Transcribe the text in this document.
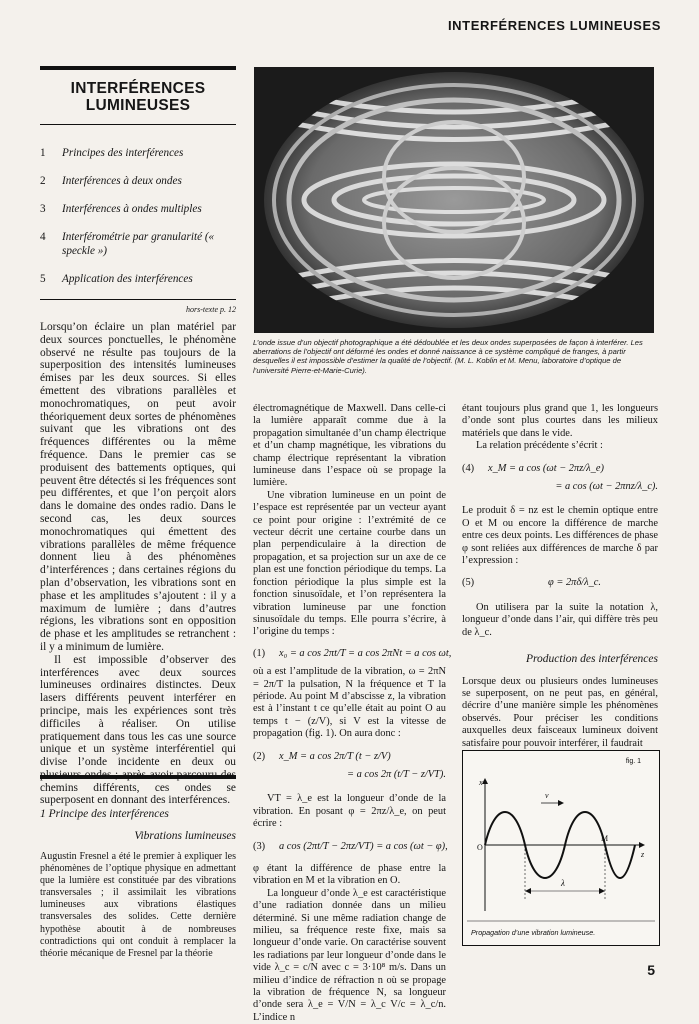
INTERFÉRENCES LUMINEUSES
INTERFÉRENCES
LUMINEUSES
1 Principes des interférences
2 Interférences à deux ondes
3 Interférences à ondes multiples
4 Interférométrie par granularité (« speckle »)
5 Application des interférences
hors-texte p. 12

Lorsqu’on éclaire un plan matériel par deux sources ponctuelles, le phénomène observé ne résulte pas toujours de la superposition des intensités lumineuses émises par les deux sources. Si elles émettent des vibrations parallèles et monochromatiques, on peut avoir théoriquement deux sortes de phénomènes suivant que les vibrations ont des fréquences différentes ou la même fréquence. Dans le premier cas se produisent des battements optiques, qui peuvent être détectés si les fréquences sont peu différentes, et que l’on perçoit alors dans le domaine des ondes radio. Dans le second cas, les deux sources monochromatiques qui émettent des vibrations parallèles de même fréquence donnent lieu à des phénomènes d’interférences ; dans certaines régions du plan d’observation, les vibrations sont en phase et les amplitudes s’ajoutent : il y a maximum de lumière ; dans d’autres régions, les vibrations sont en opposition de phase et les amplitudes se retranchent : il y a minimum de lumière.

Il est impossible d’observer des interférences avec deux sources lumineuses ordinaires distinctes. Deux lasers différents peuvent interférer en principe, mais les expériences sont très difficiles à réaliser. On utilise pratiquement dans tous les cas une source unique et un système interférentiel qui divise l’onde incidente en deux ou chemins différents, ces ondes se superposent en donnant des interférences.

1 Principe des interférences
Vibrations lumineuses

Augustin Fresnel a été le premier à expliquer les phénomènes de l’optique physique en admettant que la lumière est constituée par des vibrations transversales ; il assimilait les vibrations lumineuses aux vibrations élastiques transversales des solides. Cette dernière hypothèse aboutit à de nombreuses contradictions qui ont conduit à remplacer la théorie mécanique de Fresnel par la théorie

L’onde issue d’un objectif photographique a été dédoublée et les deux ondes superposées de façon à interférer. Les aberrations de l’objectif ont déformé les ondes et donné naissance à ce système compliqué de franges, à partir desquelles il est impossible d’estimer la qualité de l’objectif. (M. L. Koblin et M. Menu, laboratoire d’optique de l’université Pierre-et-Marie-Curie).

électromagnétique de Maxwell. Dans celle-ci la lumière apparaît comme due à la propagation simultanée d’un champ électrique et d’un champ magnétique, les vibrations du champ électrique représentant la vibration lumineuse dans l’espace où se propage la lumière.

Une vibration lumineuse en un point de l’espace est représentée par un vecteur ayant ce point pour origine : l’extrémité de ce vecteur décrit une certaine courbe dans un plan perpendiculaire à la direction de propagation, et sa projection sur un axe de ce plan est une fonction périodique du temps. La fonction périodique la plus simple est la fonction sinusoïdale, et l’on représentera la vibration lumineuse par une fonction sinusoïdale du temps. Elle pourra s’écrire, à l’origine du temps :

(1) x₀ = a cos 2πt/T = a cos 2πNt = a cos ωt,

où a est l’amplitude de la vibration, ω = 2πN = 2π/T la pulsation, N la fréquence et T la période. Au point M d’abscisse z, la vibration est à l’instant t ce qu’elle était au point O au temps t − (z/V), si V est la vitesse de propagation (fig. 1). On aura donc :

(2) x_M = a cos 2π/T (t − z/V)
= a cos 2π (t/T − z/VT).

VT = λ_e est la longueur d’onde de la vibration. En posant φ = 2πz/λ_e, on peut écrire :

(3) a cos (2πt/T − 2πz/VT) = a cos (ωt − φ),

φ étant la différence de phase entre la vibration en M et la vibration en O.

La longueur d’onde λ_e est caractéristique d’une radiation donnée dans un milieu déterminé. Si une même radiation change de milieu, sa fréquence reste fixe, mais sa longueur d’onde varie. On caractérise souvent les radiations par leur longueur d’onde dans le vide λ_c = c/N avec c = 3·10⁸ m/s. Dans un milieu d’indice de réfraction n où se propage la vibration de fréquence N, sa longueur d’onde sera λ_e = V/N = λ_c V/c = λ_c/n. L’indice n

étant toujours plus grand que 1, les longueurs d’onde sont plus courtes dans les milieux matériels que dans le vide.

La relation précédente s’écrit :

(4) x_M = a cos (ωt − 2πz/λ_e)
= a cos (ωt − 2πnz/λ_c).

Le produit δ = nz est le chemin optique entre O et M ou encore la différence de marche entre ces deux points. Les différences de phase φ sont reliées aux différences de marche δ par l’expression :

(5)	φ = 2πδ/λ_c.

On utilisera par la suite la notation λ, longueur d’onde dans l’air, qui diffère très peu de λ_c.

Production des interférences

Lorsque deux ou plusieurs ondes lumineuses se superposent, on ne peut pas, en général, décrire d’une manière simple les phénomènes observés. Pour préciser les conditions auxquelles deux faisceaux lumineux doivent satisfaire pour pouvoir interférer, il faudrait

fig. 1
x
z
O
M
v
λ
Propagation d’une vibration lumineuse.
5
